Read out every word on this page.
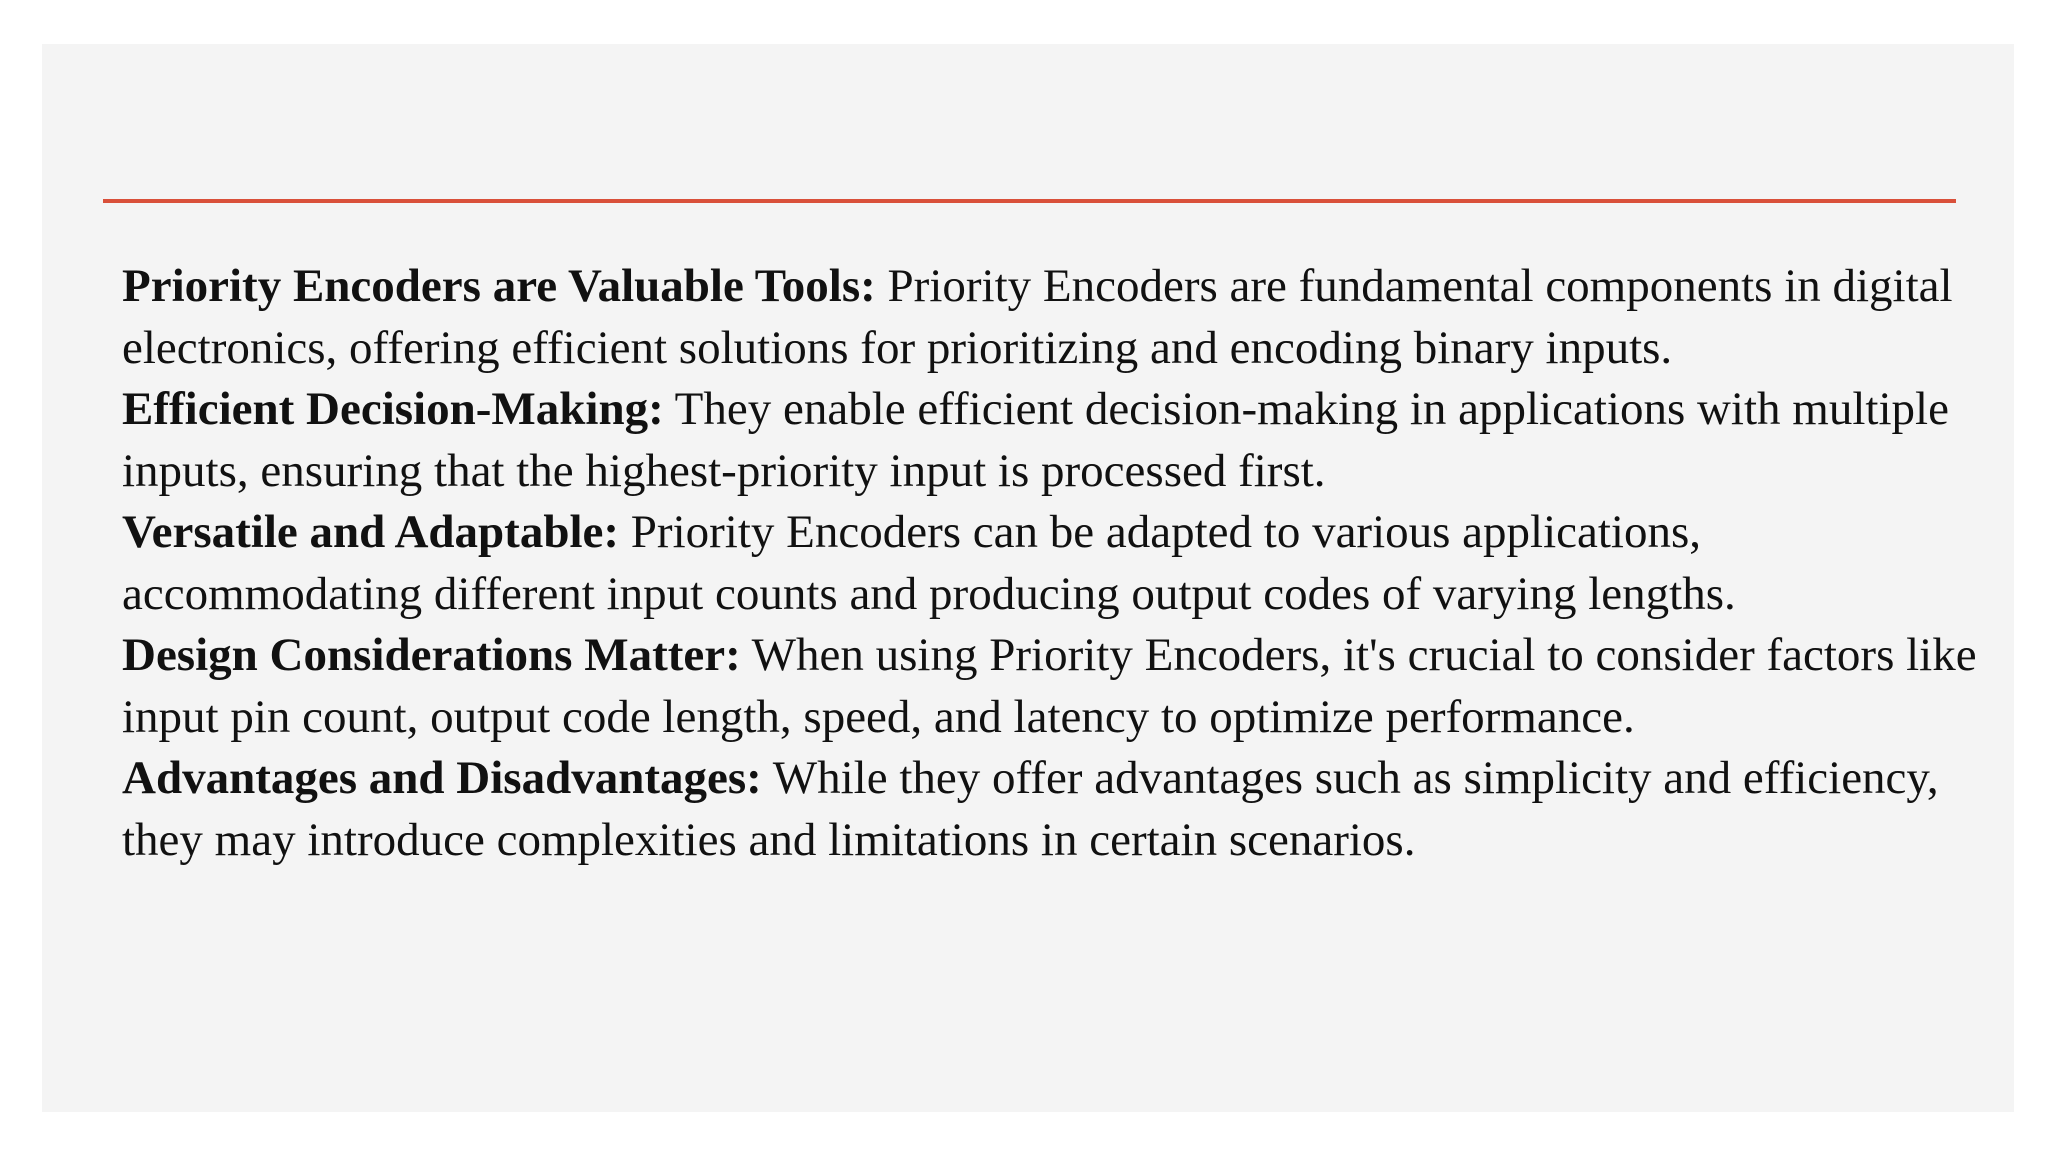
Priority Encoders are Valuable Tools: Priority Encoders are fundamental components in digital electronics, offering efficient solutions for prioritizing and encoding binary inputs.

Efficient Decision-Making: They enable efficient decision-making in applications with multiple inputs, ensuring that the highest-priority input is processed first.

Versatile and Adaptable: Priority Encoders can be adapted to various applications, accommodating different input counts and producing output codes of varying lengths.

Design Considerations Matter: When using Priority Encoders, it's crucial to consider factors like input pin count, output code length, speed, and latency to optimize performance.

Advantages and Disadvantages: While they offer advantages such as simplicity and efficiency, they may introduce complexities and limitations in certain scenarios.
